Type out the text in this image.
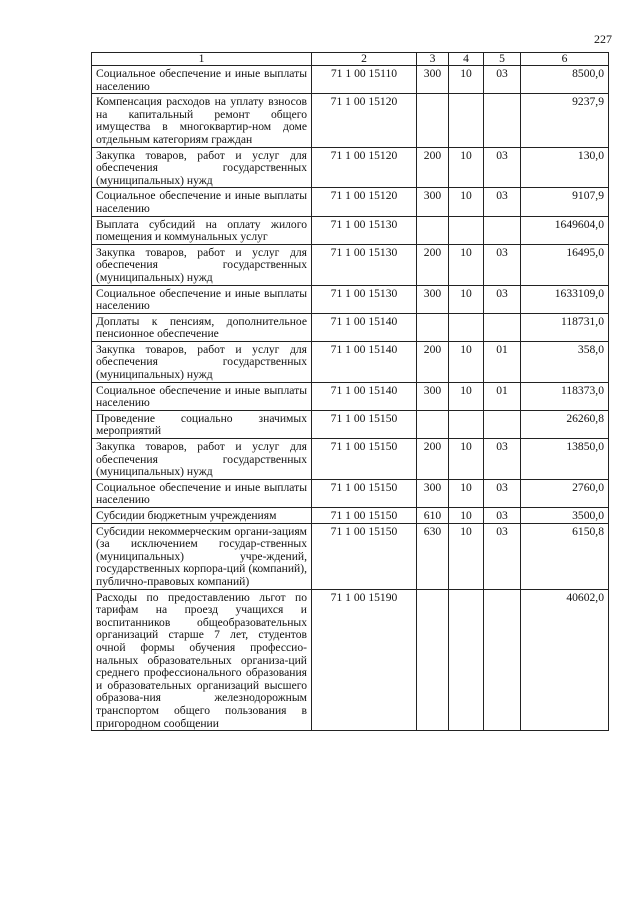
227
1	2	3	4	5	6
Социальное обеспечение и иные выплаты населению	71 1 00 15110	300	10	03	8500,0
Компенсация расходов на уплату взносов на капитальный ремонт общего имущества в многоквартир-ном доме отдельным категориям граждан	71 1 00 15120				9237,9
Закупка товаров, работ и услуг для обеспечения государственных (муниципальных) нужд	71 1 00 15120	200	10	03	130,0
Социальное обеспечение и иные выплаты населению	71 1 00 15120	300	10	03	9107,9
Выплата субсидий на оплату жилого помещения и коммунальных услуг	71 1 00 15130				1649604,0
Закупка товаров, работ и услуг для обеспечения государственных (муниципальных) нужд	71 1 00 15130	200	10	03	16495,0
Социальное обеспечение и иные выплаты населению	71 1 00 15130	300	10	03	1633109,0
Доплаты к пенсиям, дополнительное пенсионное обеспечение	71 1 00 15140				118731,0
Закупка товаров, работ и услуг для обеспечения государственных (муниципальных) нужд	71 1 00 15140	200	10	01	358,0
Социальное обеспечение и иные выплаты населению	71 1 00 15140	300	10	01	118373,0
Проведение социально значимых мероприятий	71 1 00 15150				26260,8
Закупка товаров, работ и услуг для обеспечения государственных (муниципальных) нужд	71 1 00 15150	200	10	03	13850,0
Социальное обеспечение и иные выплаты населению	71 1 00 15150	300	10	03	2760,0
Субсидии бюджетным учреждениям	71 1 00 15150	610	10	03	3500,0
Субсидии некоммерческим органи-зациям (за исключением государ-ственных (муниципальных) учре-ждений, государственных корпора-ций (компаний), публично-правовых компаний)	71 1 00 15150	630	10	03	6150,8
Расходы по предоставлению льгот по тарифам на проезд учащихся и воспитанников общеобразовательных организаций старше 7 лет, студентов очной формы обучения профессио-нальных образовательных организа-ций среднего профессионального образования и образовательных организаций высшего образова-ния железнодорожным транспортом общего пользования в пригородном сообщении	71 1 00 15190				40602,0
